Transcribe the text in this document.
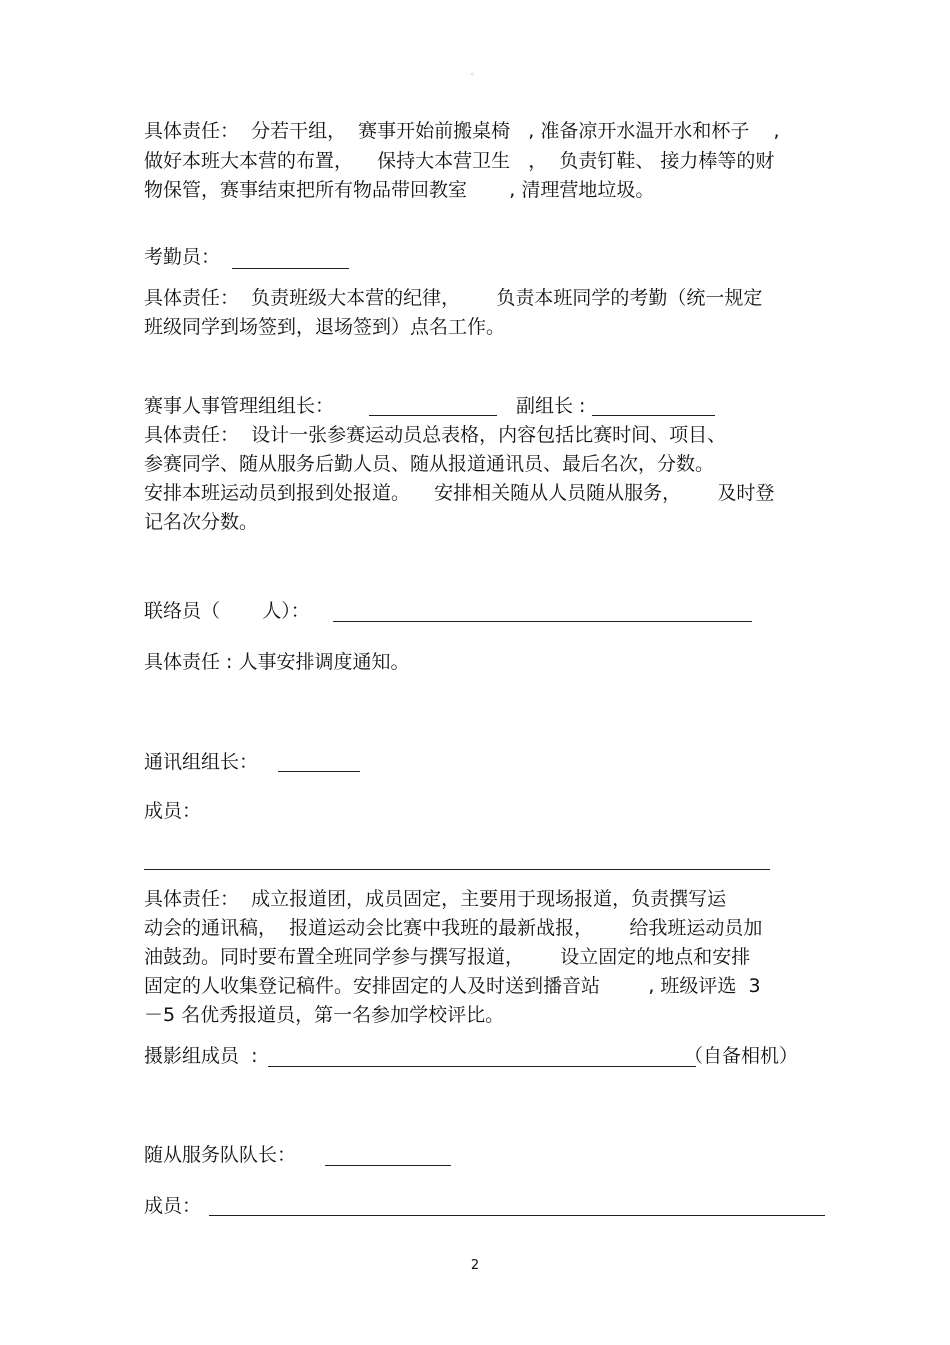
◦
具体责任：  分若干组，  赛事开始前搬桌椅   , 准备凉开水温开水和杯子    ,
做好本班大本营的布置，    保持大本营卫生   ，  负责钉鞋、 接力棒等的财
物保管，赛事结束把所有物品带回教室       , 清理营地垃圾。
考勤员：
具体责任：  负责班级大本营的纪律，      负责本班同学的考勤（统一规定
班级同学到场签到，退场签到）点名工作。
赛事人事管理组组长：	副组长 :
具体责任：  设计一张参赛运动员总表格，内容包括比赛时间、项目、
参赛同学、随从服务后勤人员、随从报道通讯员、最后名次，分数。
安排本班运动员到报到处报道。    安排相关随从人员随从服务，      及时登
记名次分数。
联络员（       人）：
具体责任 : 人事安排调度通知。
通讯组组长：
成员：
具体责任：  成立报道团，成员固定，主要用于现场报道，负责撰写运
动会的通讯稿，  报道运动会比赛中我班的最新战报，      给我班运动员加
油鼓劲。同时要布置全班同学参与撰写报道，      设立固定的地点和安排
固定的人收集登记稿件。安排固定的人及时送到播音站        , 班级评选  3
－5 名优秀报道员，第一名参加学校评比。
摄影组成员  :	（自备相机）
随从服务队队长：
成员：
2
